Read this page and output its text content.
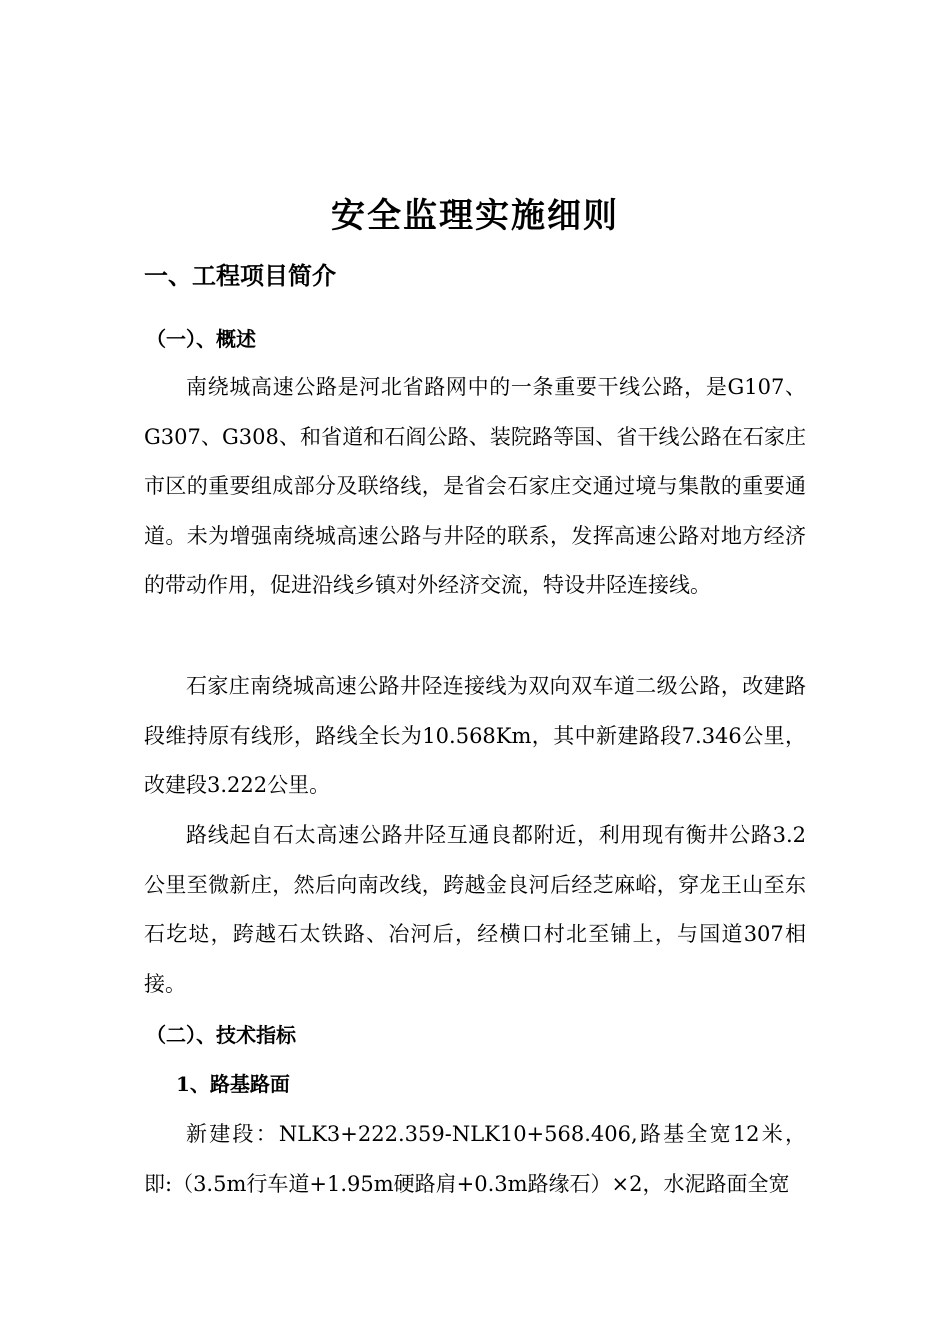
安全监理实施细则
一、工程项目简介
（一）、概述

南绕城高速公路是河北省路网中的一条重要干线公路，是G107、G307、G308、和省道和石阎公路、装院路等国、省干线公路在石家庄市区的重要组成部分及联络线，是省会石家庄交通过境与集散的重要通道。未为增强南绕城高速公路与井陉的联系，发挥高速公路对地方经济的带动作用，促进沿线乡镇对外经济交流，特设井陉连接线。

石家庄南绕城高速公路井陉连接线为双向双车道二级公路，改建路段维持原有线形，路线全长为10.568Km，其中新建路段7.346公里，改建段3.222公里。

路线起自石太高速公路井陉互通良都附近，利用现有衡井公路3.2公里至微新庄，然后向南改线，跨越金良河后经芝麻峪，穿龙王山至东石圪垯，跨越石太铁路、冶河后，经横口村北至铺上，与国道307相接。

（二）、技术指标
1、路基路面

新建段：NLK3+222.359-NLK10+568.406,路基全宽12米，即:（3.5m行车道+1.95m硬路肩+0.3m路缘石）×2，水泥路面全宽
